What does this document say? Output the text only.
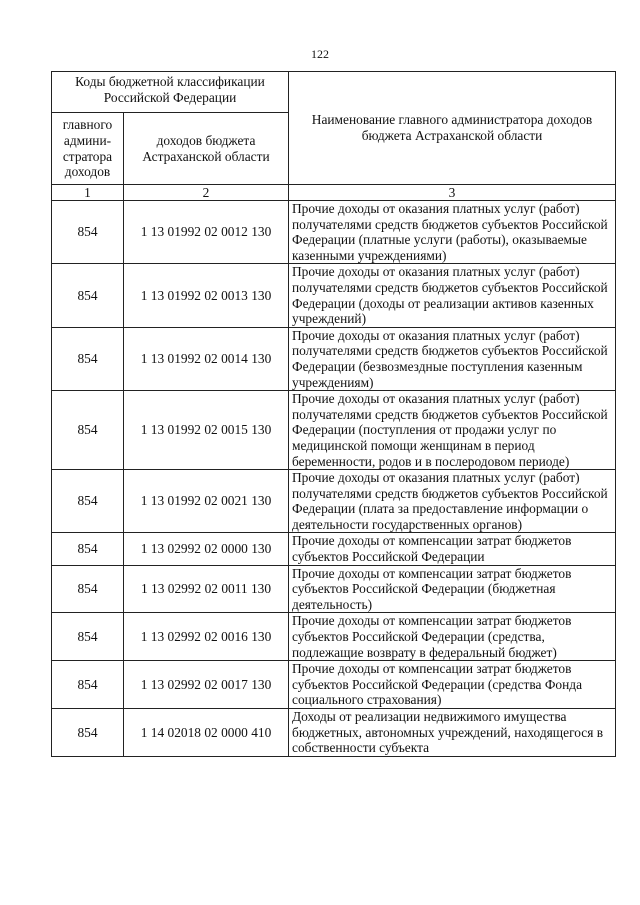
122
Коды бюджетной классификации Российской Федерации		Наименование главного администратора доходов бюджета Астраханской области
главного админи-стратора доходов	доходов бюджета Астраханской области	
1	2	3
854	1 13 01992 02 0012 130	Прочие доходы от оказания платных услуг (работ) получателями средств бюджетов субъектов Российской Федерации (платные услуги (работы), оказываемые казенными учреждениями)
854	1 13 01992 02 0013 130	Прочие доходы от оказания платных услуг (работ) получателями средств бюджетов субъектов Российской Федерации (доходы от реализации активов казенных учреждений)
854	1 13 01992 02 0014 130	Прочие доходы от оказания платных услуг (работ) получателями средств бюджетов субъектов Российской Федерации (безвозмездные поступления казенным учреждениям)
854	1 13 01992 02 0015 130	Прочие доходы от оказания платных услуг (работ) получателями средств бюджетов субъектов Российской Федерации (поступления от продажи услуг по медицинской помощи женщинам в период беременности, родов и в послеродовом периоде)
854	1 13 01992 02 0021 130	Прочие доходы от оказания платных услуг (работ) получателями средств бюджетов субъектов Российской Федерации (плата за предоставление информации о деятельности государственных органов)
854	1 13 02992 02 0000 130	Прочие доходы от компенсации затрат бюджетов субъектов Российской Федерации
854	1 13 02992 02 0011 130	Прочие доходы от компенсации затрат бюджетов субъектов Российской Федерации (бюджетная деятельность)
854	1 13 02992 02 0016 130	Прочие доходы от компенсации затрат бюджетов субъектов Российской Федерации (средства, подлежащие возврату в федеральный бюджет)
854	1 13 02992 02 0017 130	Прочие доходы от компенсации затрат бюджетов субъектов Российской Федерации (средства Фонда социального страхования)
854	1 14 02018 02 0000 410	Доходы от реализации недвижимого имущества бюджетных, автономных учреждений, находящегося в собственности субъекта
